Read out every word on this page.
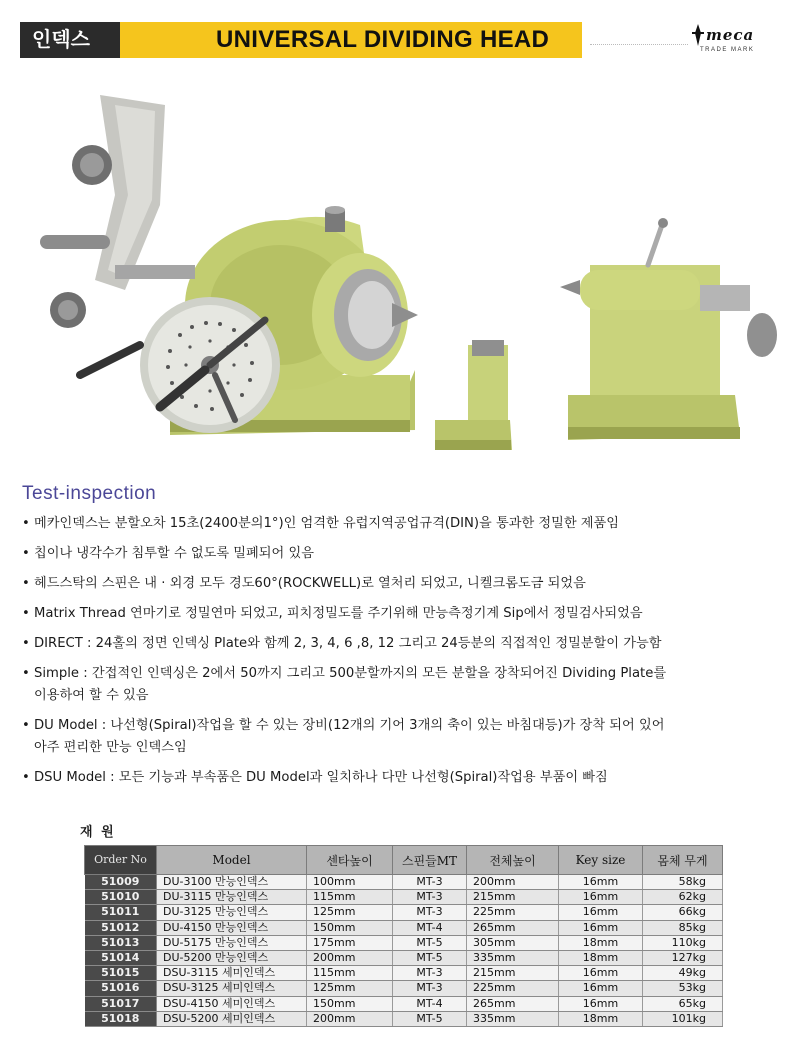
인덱스 DU
UNIVERSAL DIVIDING HEAD	meca
TRADE MARK
Test-inspection
• 메카인덱스는 분할오차 15초(2400분의1°)인 엄격한 유럽지역공업규격(DIN)을 통과한 정밀한 제품임
• 칩이나 냉각수가 침투할 수 없도록 밀폐되어 있음
• 헤드스탁의 스핀은 내 · 외경 모두 경도60°(ROCKWELL)로 열처리 되었고, 니켈크롬도금 되었음
• Matrix Thread 연마기로 정밀연마 되었고, 피치정밀도를 주기위해 만능측정기계 Sip에서 정밀검사되었음
• DIRECT : 24홀의 정면 인덱싱 Plate와 함께 2, 3, 4, 6 ,8, 12 그리고 24등분의 직접적인 정밀분할이 가능함
• Simple : 간접적인 인덱싱은 2에서 50까지 그리고 500분할까지의 모든 분할을 장착되어진 Dividing Plate를
이용하여 할 수 있음
• DU Model : 나선형(Spiral)작업을 할 수 있는 장비(12개의 기어 3개의 축이 있는 바침대등)가 장착 되어 있어
아주 편리한 만능 인덱스임
• DSU Model : 모든 기능과 부속품은 DU Model과 일치하나 다만 나선형(Spiral)작업용 부품이 빠짐
재 원
Order No	Model	센타높이	스핀들MT	전체높이	Key size	몸체 무게
51009	DU-3100 만능인덱스	100mm	MT-3	200mm	16mm	58kg
51010	DU-3115 만능인덱스	115mm	MT-3	215mm	16mm	62kg
51011	DU-3125 만능인덱스	125mm	MT-3	225mm	16mm	66kg
51012	DU-4150 만능인덱스	150mm	MT-4	265mm	16mm	85kg
51013	DU-5175 만능인덱스	175mm	MT-5	305mm	18mm	110kg
51014	DU-5200 만능인덱스	200mm	MT-5	335mm	18mm	127kg
51015	DSU-3115 세미인덱스	115mm	MT-3	215mm	16mm	49kg
51016	DSU-3125 세미인덱스	125mm	MT-3	225mm	16mm	53kg
51017	DSU-4150 세미인덱스	150mm	MT-4	265mm	16mm	65kg
51018	DSU-5200 세미인덱스	200mm	MT-5	335mm	18mm	101kg
